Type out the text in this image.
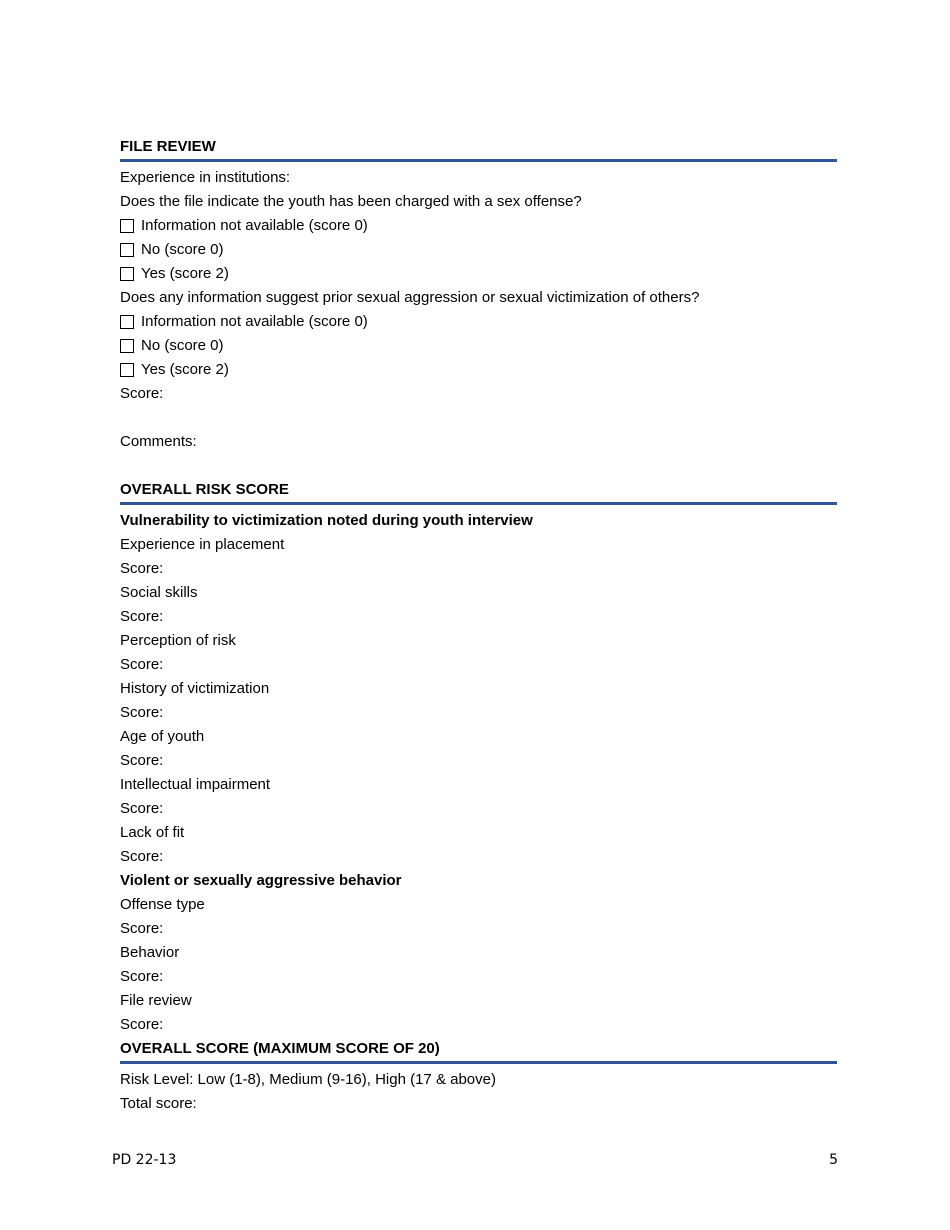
FILE REVIEW
Experience in institutions:
Does the file indicate the youth has been charged with a sex offense?
Information not available (score 0)
No (score 0)
Yes (score 2)
Does any information suggest prior sexual aggression or sexual victimization of others?
Information not available (score 0)
No (score 0)
Yes (score 2)
Score:
Comments:
OVERALL RISK SCORE
Vulnerability to victimization noted during youth interview
Experience in placement
Score:
Social skills
Score:
Perception of risk
Score:
History of victimization
Score:
Age of youth
Score:
Intellectual impairment
Score:
Lack of fit
Score:
Violent or sexually aggressive behavior
Offense type
Score:
Behavior
Score:
File review
Score:
OVERALL SCORE (MAXIMUM SCORE OF 20)
Risk Level: Low (1-8), Medium (9-16), High (17 & above)
Total score:
PD 22-13	5
